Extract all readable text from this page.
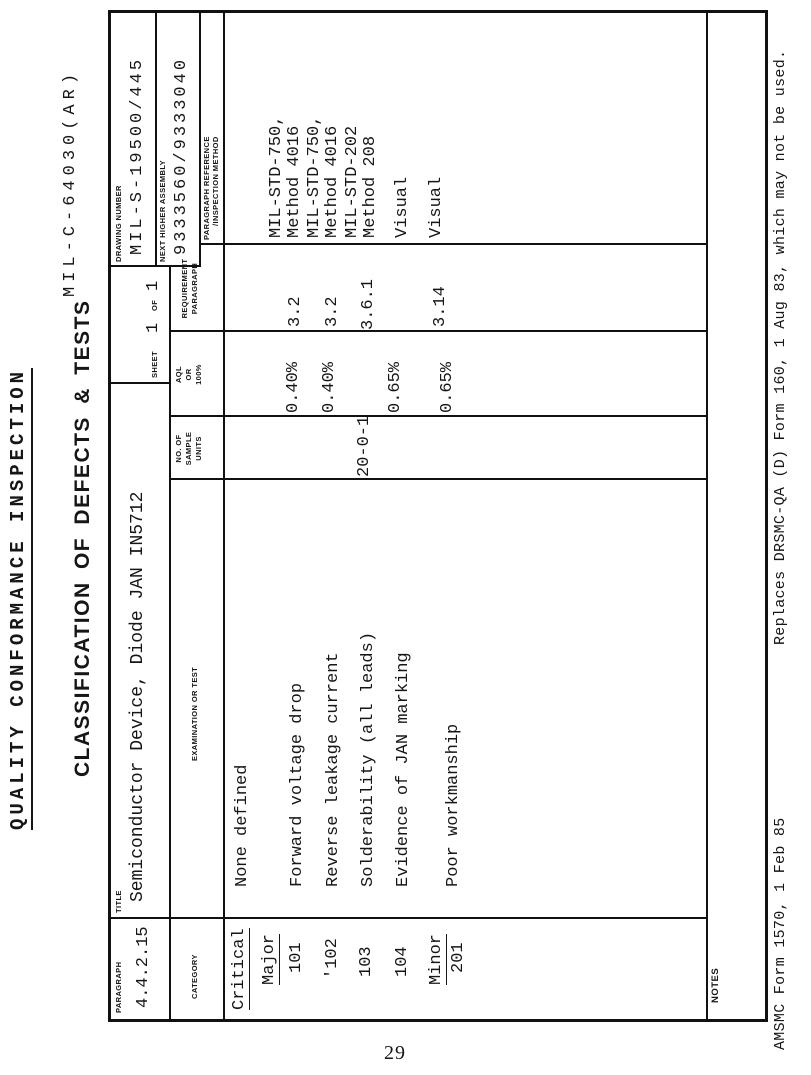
QUALITY CONFORMANCE INSPECTION CLASSIFICATION OF DEFECTS & TESTS
MIL-C-64030(AR)
PARAGRAPH 4.4.2.15
TITLE Semiconductor Device, Diode JAN IN5712
SHEET
1
OF
1
DRAWING NUMBER MIL-S-19500/445 NEXT HIGHER ASSEMBLY 9333560/9333040
CATEGORY
EXAMINATION OR TEST
NO. OF SAMPLE UNITS
AQL OR 100%
REQUIREMENT PARAGRAPH
PARAGRAPH REFERENCE /INSPECTION METHOD
Critical
None defined
Major 101
Forward voltage drop
0.40%
3.2
MIL-STD-750, Method 4016
'102
Reverse leakage current
0.40%
3.2
MIL-STD-750, Method 4016
103
Solderability (all leads)
20-0-1
0.65%
3.6.1
MIL-STD-202 Method 208
104
Evidence of JAN marking
Visual
Minor 201
Poor workmanship
0.65%
3.14
Visual
NOTES	AMSMC Form 1570, 1 Feb 85
Replaces DRSMC-QA (D) Form 160, 1 Aug 83, which may not be used.
29
